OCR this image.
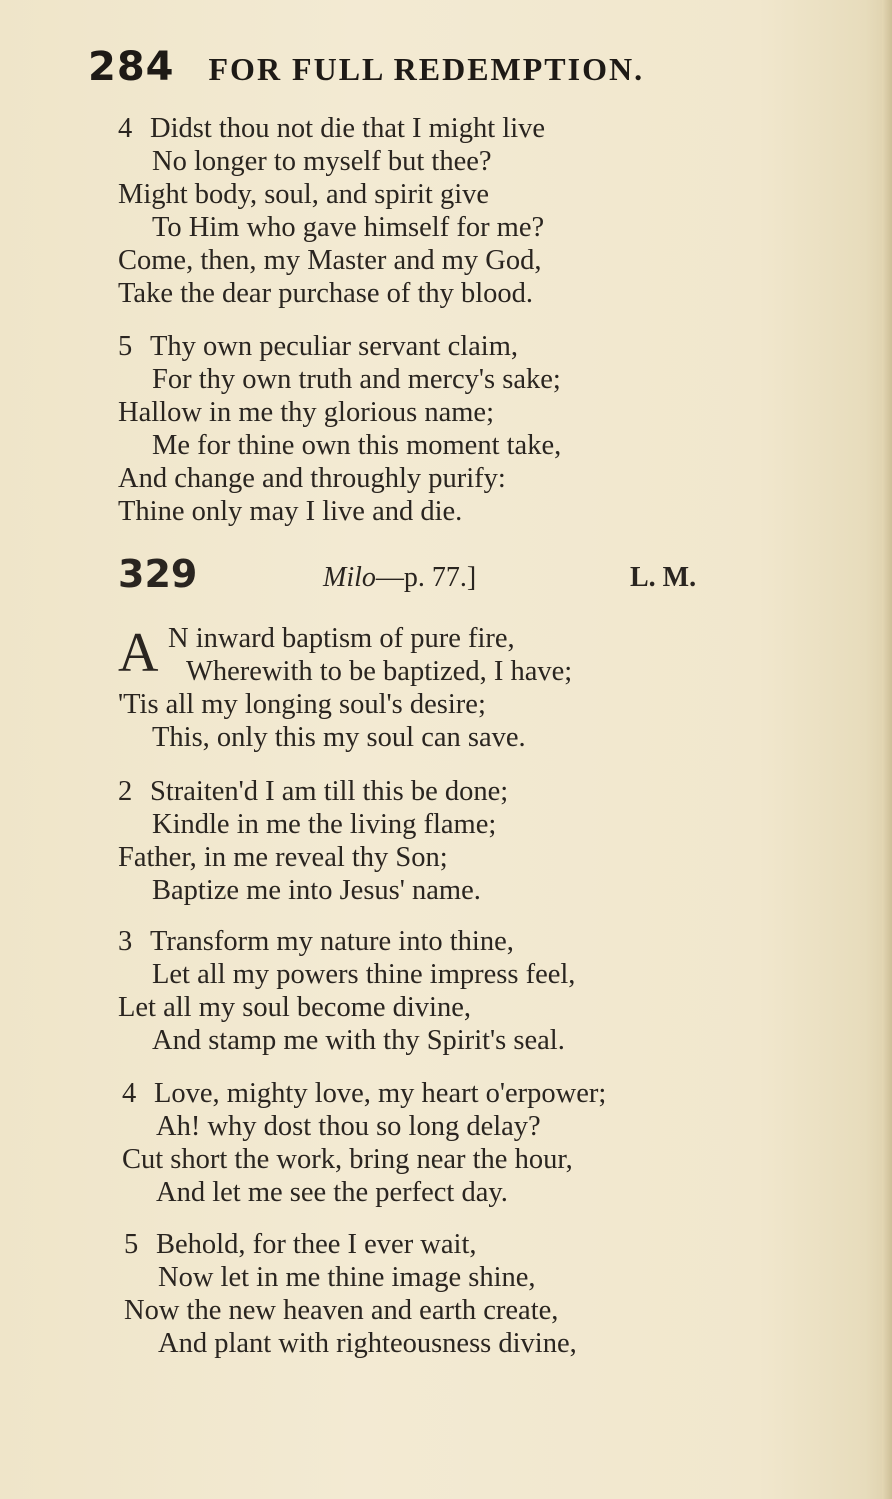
284 FOR FULL REDEMPTION.
4 Didst thou not die that I might live
No longer to myself but thee?
Might body, soul, and spirit give
To Him who gave himself for me?
Come, then, my Master and my God,
Take the dear purchase of thy blood.
5 Thy own peculiar servant claim,
For thy own truth and mercy's sake;
Hallow in me thy glorious name;
Me for thine own this moment take,
And change and throughly purify:
Thine only may I live and die.
329	Milo—p. 77.]	L. M.
A N inward baptism of pure fire,
Wherewith to be baptized, I have;
'Tis all my longing soul's desire;
This, only this my soul can save.
2 Straiten'd I am till this be done;
Kindle in me the living flame;
Father, in me reveal thy Son;
Baptize me into Jesus' name.
3 Transform my nature into thine,
Let all my powers thine impress feel,
Let all my soul become divine,
And stamp me with thy Spirit's seal.
4 Love, mighty love, my heart o'erpower;
Ah! why dost thou so long delay?
Cut short the work, bring near the hour,
And let me see the perfect day.
5 Behold, for thee I ever wait,
Now let in me thine image shine,
Now the new heaven and earth create,
And plant with righteousness divine,
